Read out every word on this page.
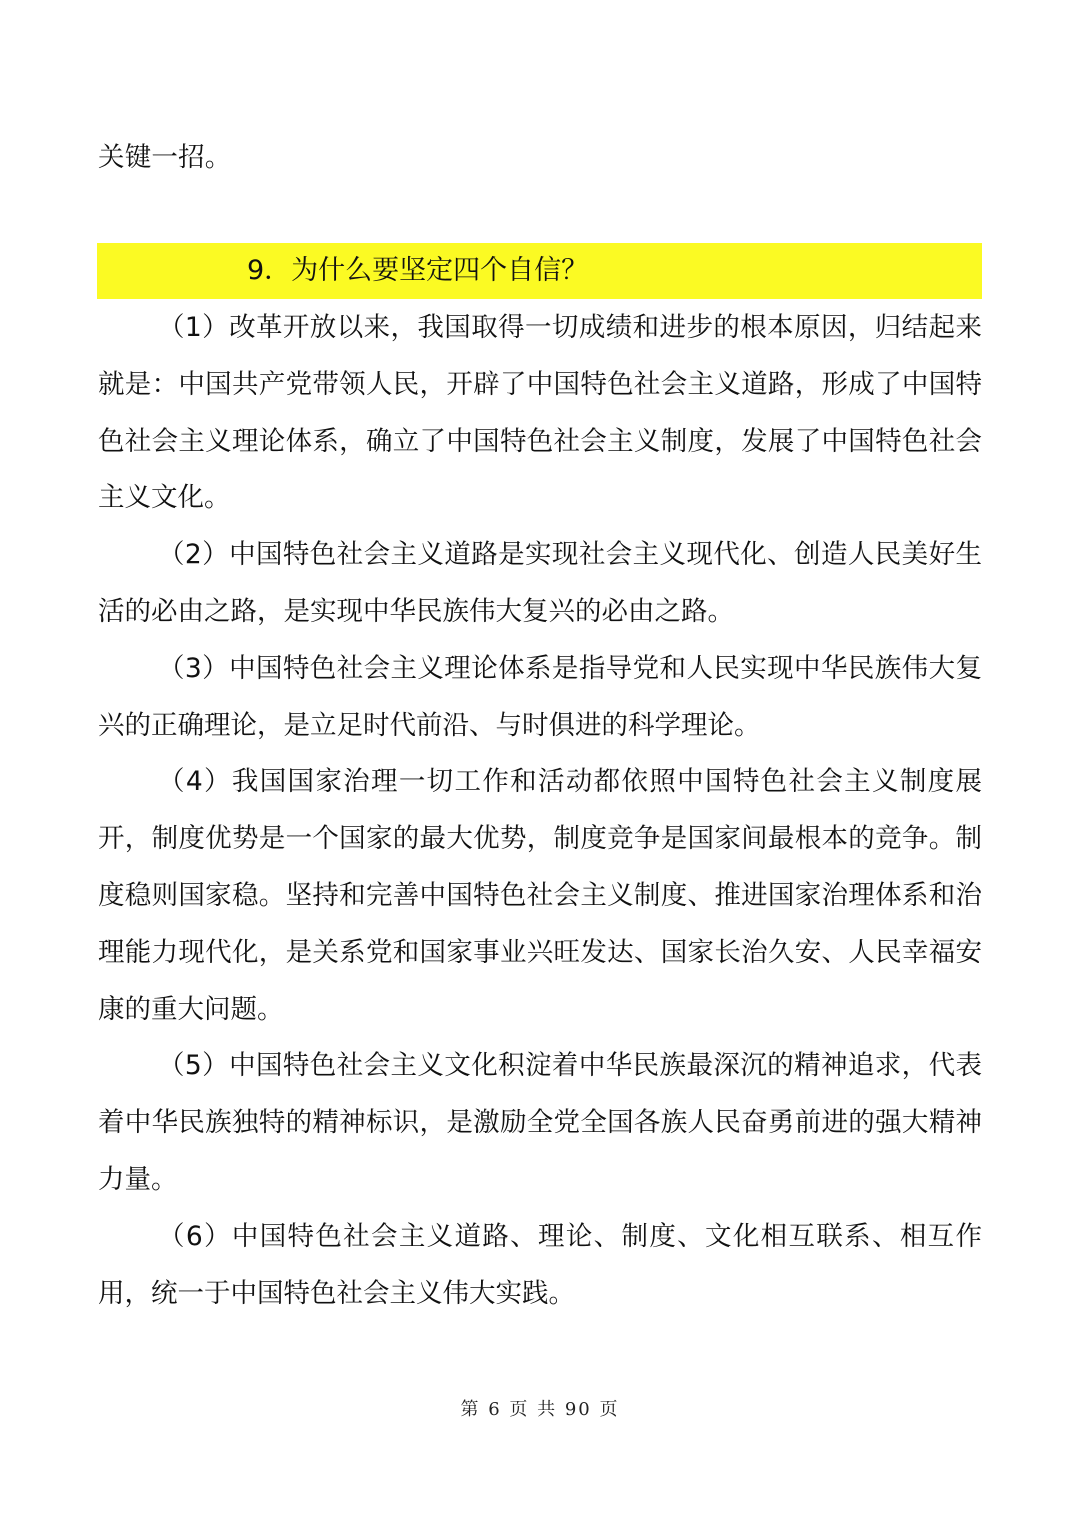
关键一招。

9．为什么要坚定四个自信？

（1）改革开放以来，我国取得一切成绩和进步的根本原因，归结起来就是：中国共产党带领人民，开辟了中国特色社会主义道路，形成了中国特色社会主义理论体系，确立了中国特色社会主义制度，发展了中国特色社会主义文化。

（2）中国特色社会主义道路是实现社会主义现代化、创造人民美好生活的必由之路，是实现中华民族伟大复兴的必由之路。

（3）中国特色社会主义理论体系是指导党和人民实现中华民族伟大复兴的正确理论，是立足时代前沿、与时俱进的科学理论。

（4）我国国家治理一切工作和活动都依照中国特色社会主义制度展开，制度优势是一个国家的最大优势，制度竞争是国家间最根本的竞争。制度稳则国家稳。坚持和完善中国特色社会主义制度、推进国家治理体系和治理能力现代化，是关系党和国家事业兴旺发达、国家长治久安、人民幸福安康的重大问题。

（5）中国特色社会主义文化积淀着中华民族最深沉的精神追求，代表着中华民族独特的精神标识，是激励全党全国各族人民奋勇前进的强大精神力量。

（6）中国特色社会主义道路、理论、制度、文化相互联系、相互作用，统一于中国特色社会主义伟大实践。

第 6 页 共 90 页
